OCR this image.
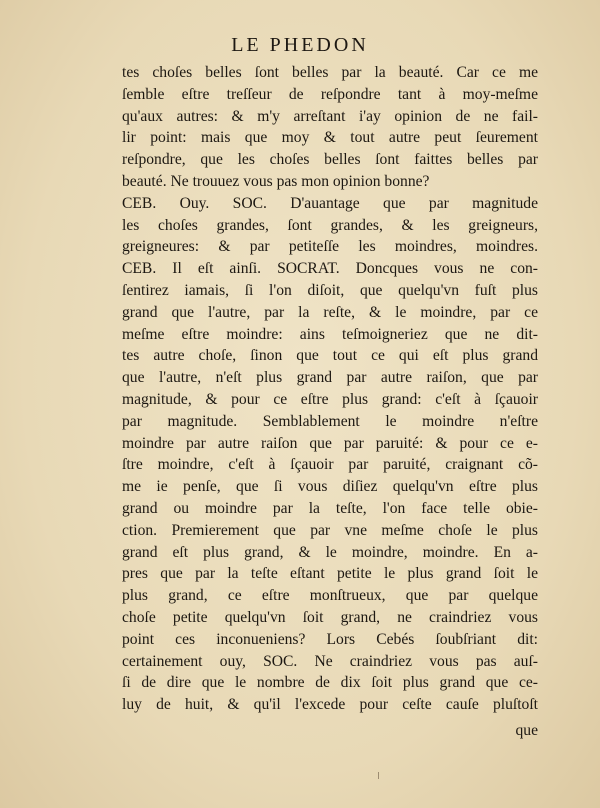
LE PHEDON
tes choſes belles ſont belles par la beauté. Car ce me
ſemble eſtre treſſeur de reſpondre tant à moy-meſme
qu'aux autres: & m'y arreſtant i'ay opinion de ne fail-
lir point: mais que moy & tout autre peut ſeurement
reſpondre, que les choſes belles ſont faittes belles par
beauté. Ne trouuez vous pas mon opinion bonne?
CEB. Ouy. SOC. D'auantage que par magnitude
les choſes grandes, ſont grandes, & les greigneurs,
greigneures: & par petiteſſe les moindres, moindres.
CEB. Il eſt ainſi. SOCRAT. Doncques vous ne con-
ſentirez iamais, ſi l'on diſoit, que quelqu'vn fuſt plus
grand que l'autre, par la reſte, & le moindre, par ce
meſme eſtre moindre: ains teſmoigneriez que ne dit-
tes autre choſe, ſinon que tout ce qui eſt plus grand
que l'autre, n'eſt plus grand par autre raiſon, que par
magnitude, & pour ce eſtre plus grand: c'eſt à ſçauoir
par magnitude. Semblablement le moindre n'eſtre
moindre par autre raiſon que par paruité: & pour ce e-
ſtre moindre, c'eſt à ſçauoir par paruité, craignant cõ-
me ie penſe, que ſi vous diſiez quelqu'vn eſtre plus
grand ou moindre par la teſte, l'on face telle obie-
ction. Premierement que par vne meſme choſe le plus
grand eſt plus grand, & le moindre, moindre. En a-
pres que par la teſte eſtant petite le plus grand ſoit le
plus grand, ce eſtre monſtrueux, que par quelque
choſe petite quelqu'vn ſoit grand, ne craindriez vous
point ces inconueniens? Lors Cebés ſoubſriant dit:
certainement ouy, SOC. Ne craindriez vous pas auſ-
ſi de dire que le nombre de dix ſoit plus grand que ce-
luy de huit, & qu'il l'excede pour ceſte cauſe pluſtoſt
que
